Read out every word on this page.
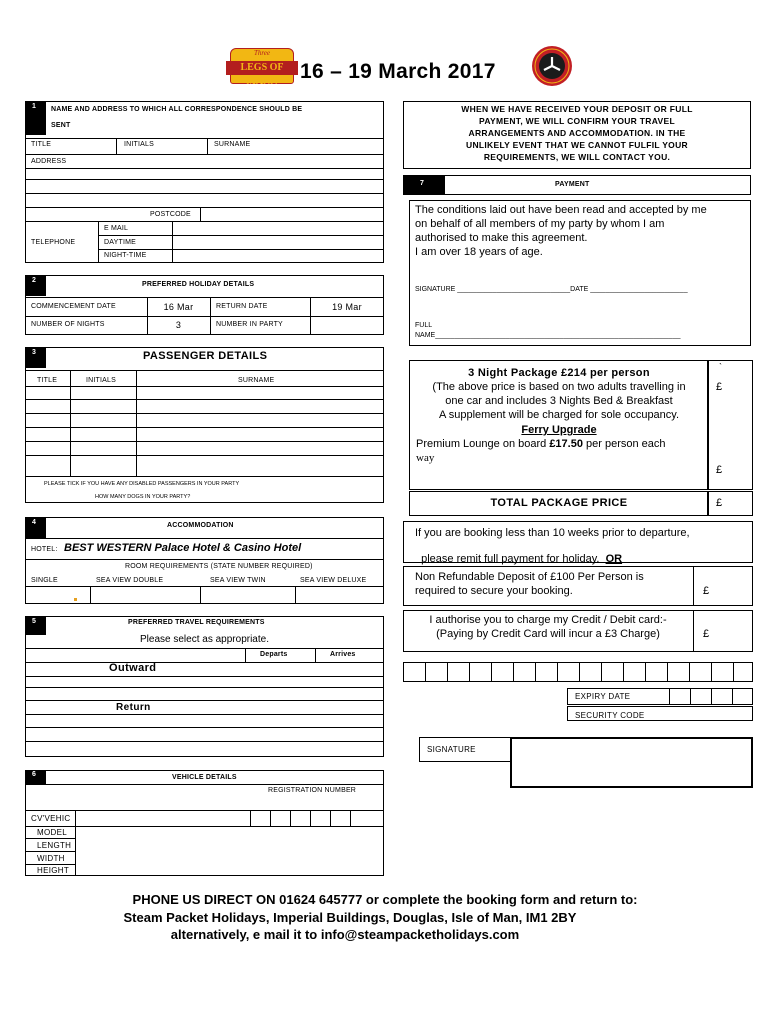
Three
LEGS OF MANN	16 – 19 March 2017
1	NAME AND ADDRESS TO WHICH ALL CORRESPONDENCE SHOULD BE
SENT
TITLE	INITIALS	SURNAME
ADDRESS
POSTCODE
E MAIL
TELEPHONE	DAYTIME
NIGHT-TIME
2
PREFERRED HOLIDAY DETAILS
COMMENCEMENT DATE	16 Mar	RETURN DATE	19 Mar
NUMBER OF NIGHTS	3	NUMBER IN PARTY
3	PASSENGER DETAILS
TITLE	INITIALS	SURNAME
PLEASE TICK IF YOU HAVE ANY DISABLED PASSENGERS IN YOUR PARTY
HOW MANY DOGS IN YOUR PARTY?
4	ACCOMMODATION
HOTEL: BEST WESTERN Palace Hotel & Casino Hotel
ROOM REQUIREMENTS (STATE NUMBER REQUIRED)
SINGLE	SEA VIEW DOUBLE	SEA VIEW TWIN	SEA VIEW DELUXE
5	PREFERRED TRAVEL REQUIREMENTS
Please select as appropriate.
Departs	Arrives
Outward
Return
6	VEHICLE DETAILS
REGISTRATION NUMBER
CV'VEHIC
MODEL
LENGTH
WIDTH
HEIGHT
WHEN WE HAVE RECEIVED YOUR DEPOSIT OR FULL
PAYMENT, WE WILL CONFIRM YOUR TRAVEL
ARRANGEMENTS AND ACCOMMODATION. IN THE
UNLIKELY EVENT THAT WE CANNOT FULFIL YOUR
REQUIREMENTS, WE WILL CONTACT YOU.
7	PAYMENT
The conditions laid out have been read and accepted by me
on behalf of all members of my party by whom I am
authorised to make this agreement.
I am over 18 years of age.
SIGNATURE _____________________________DATE _________________________
FULL
NAME_______________________________________________________________
3 Night Package £214 per person
(The above price is based on two adults travelling in
one car and includes 3 Nights Bed & Breakfast
A supplement will be charged for sole occupancy.
Ferry Upgrade
Premium Lounge on board £17.50 per person each
way
`
£
£
TOTAL PACKAGE PRICE	£
If you are booking less than 10 weeks prior to departure,

please remit full payment for holiday.  OR

Non Refundable Deposit of £100 Per Person is
required to secure your booking.	£
I authorise you to charge my Credit / Debit card:-
(Paying by Credit Card will incur a £3 Charge)	£
EXPIRY DATE
SECURITY CODE
SIGNATURE
PHONE US DIRECT ON 01624 645777 or complete the booking form and return to:
Steam Packet Holidays, Imperial Buildings, Douglas, Isle of Man, IM1 2BY
alternatively, e mail it to info@steampacketholidays.com
